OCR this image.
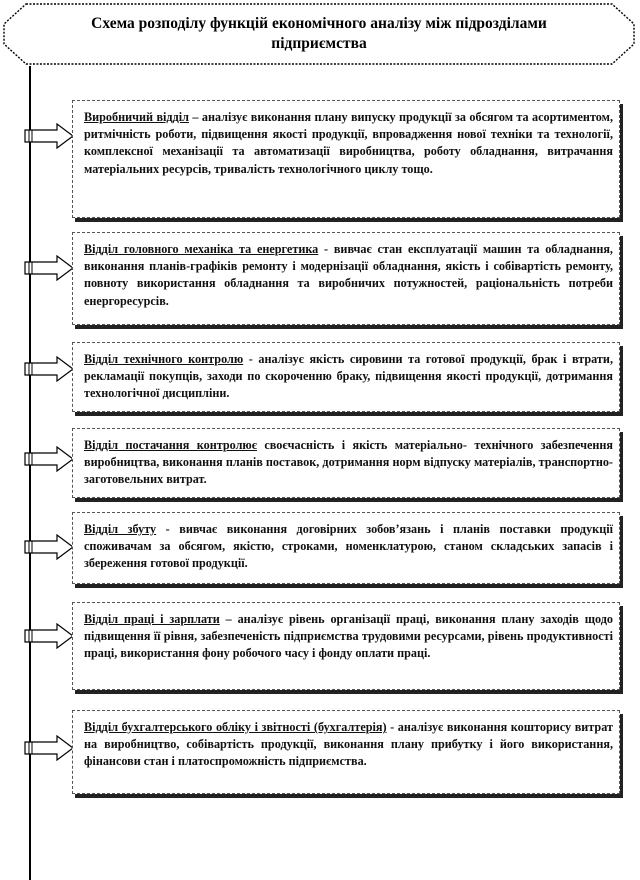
Схема розподілу функцій економічного аналізу між підрозділами підприємства

Виробничий відділ – аналізує виконання плану випуску продукції за обсягом та асортиментом, ритмічність роботи, підвищення якості продукції, впровадження нової техніки та технології, комплексної механізації та автоматизації виробництва, роботу обладнання, витрачання матеріальних ресурсів, тривалість технологічного циклу тощо.

Відділ головного механіка та енергетика - вивчає стан експлуатації машин та обладнання, виконання планів-графіків ремонту і модернізації обладнання, якість і собівартість ремонту, повноту використання обладнання та виробничих потужностей, раціональність потреби енергоресурсів.

Відділ технічного контролю - аналізує якість сировини та готової продукції, брак і втрати, рекламації покупців, заходи по скороченню браку, підвищення якості продукції, дотримання технологічної дисципліни.

Відділ постачання контролює своєчасність і якість матеріально- технічного забезпечення виробництва, виконання планів поставок, дотримання норм відпуску матеріалів, транспортно-заготовельних витрат.

Відділ збуту - вивчає виконання договірних зобов’язань і планів поставки продукції споживачам за обсягом, якістю, строками, номенклатурою, станом складських запасів і збереження готової продукції.

Відділ праці і зарплати – аналізує рівень організації праці, виконання плану заходів щодо підвищення її рівня, забезпеченість підприємства трудовими ресурсами, рівень продуктивності праці, використання фону робочого часу і фонду оплати праці.

Відділ бухгалтерського обліку і звітності (бухгалтерія) - аналізує виконання кошторису витрат на виробництво, собівартість продукції, виконання плану прибутку і його використання, фінансови стан і платоспроможність підприємства.
